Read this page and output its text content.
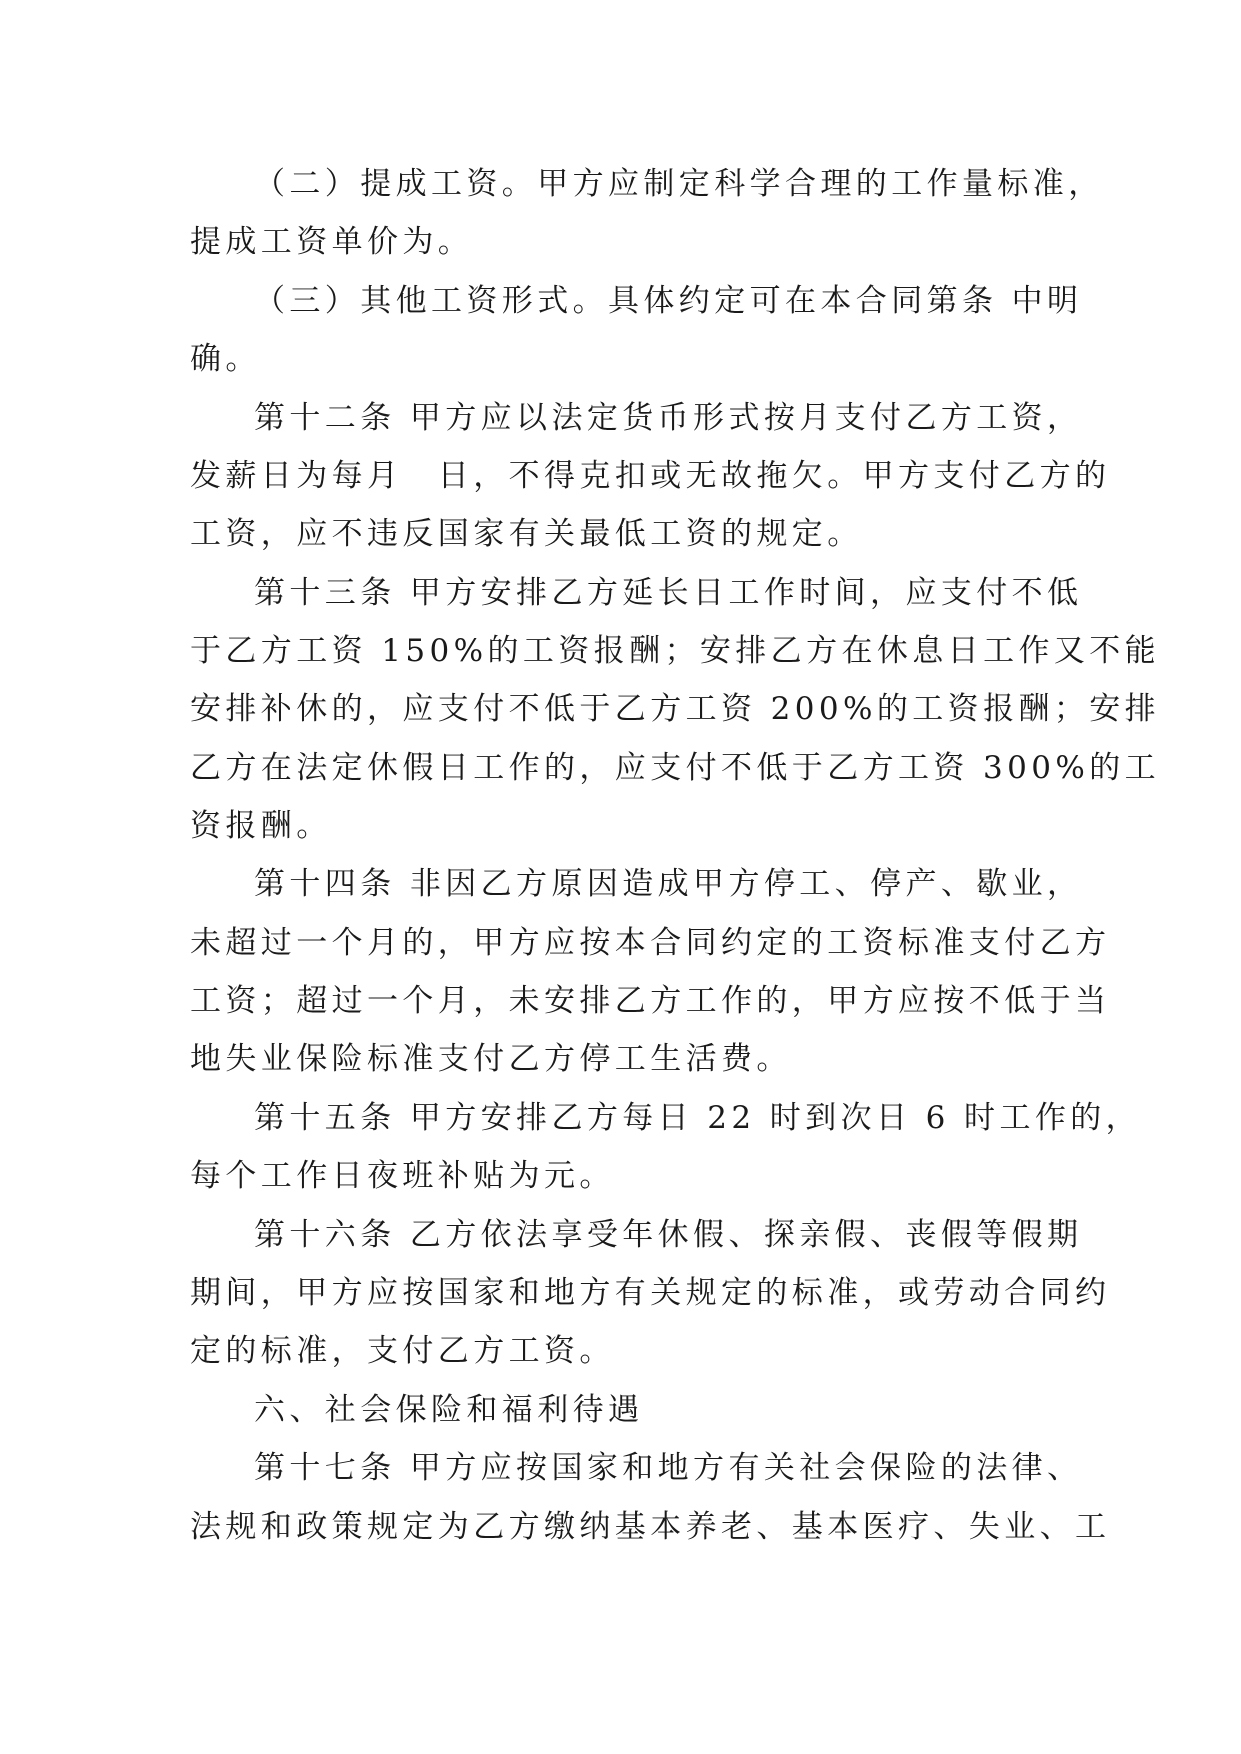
（二）提成工资。甲方应制定科学合理的工作量标准，
提成工资单价为。
（三）其他工资形式。具体约定可在本合同第条 中明
确。
第十二条 甲方应以法定货币形式按月支付乙方工资，
发薪日为每月　日，不得克扣或无故拖欠。甲方支付乙方的
工资，应不违反国家有关最低工资的规定。
第十三条 甲方安排乙方延长日工作时间，应支付不低
于乙方工资 150%的工资报酬；安排乙方在休息日工作又不能
安排补休的，应支付不低于乙方工资 200%的工资报酬；安排
乙方在法定休假日工作的，应支付不低于乙方工资 300%的工
资报酬。
第十四条 非因乙方原因造成甲方停工、停产、歇业，
未超过一个月的，甲方应按本合同约定的工资标准支付乙方
工资；超过一个月，未安排乙方工作的，甲方应按不低于当
地失业保险标准支付乙方停工生活费。
第十五条 甲方安排乙方每日 22 时到次日 6 时工作的，
每个工作日夜班补贴为元。
第十六条 乙方依法享受年休假、探亲假、丧假等假期
期间，甲方应按国家和地方有关规定的标准，或劳动合同约
定的标准，支付乙方工资。
六、社会保险和福利待遇
第十七条 甲方应按国家和地方有关社会保险的法律、
法规和政策规定为乙方缴纳基本养老、基本医疗、失业、工
